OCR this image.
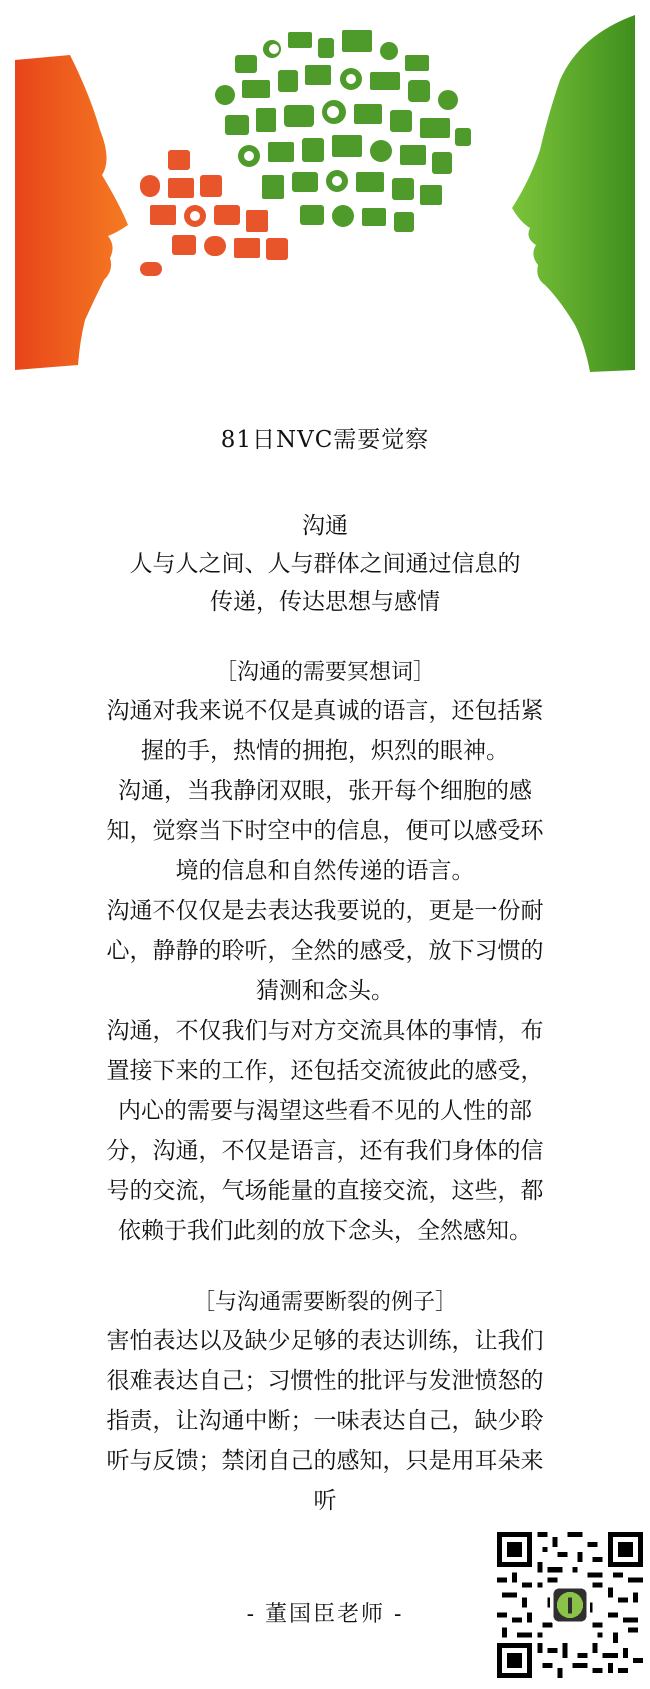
81日NVC需要觉察

沟通
人与人之间、人与群体之间通过信息的
传递，传达思想与感情
［沟通的需要冥想词］
沟通对我来说不仅是真诚的语言，还包括紧
握的手，热情的拥抱，炽烈的眼神。
沟通，当我静闭双眼，张开每个细胞的感
知，觉察当下时空中的信息，便可以感受环
境的信息和自然传递的语言。
沟通不仅仅是去表达我要说的，更是一份耐
心，静静的聆听，全然的感受，放下习惯的
猜测和念头。
沟通，不仅我们与对方交流具体的事情，布
置接下来的工作，还包括交流彼此的感受，
内心的需要与渴望这些看不见的人性的部
分，沟通，不仅是语言，还有我们身体的信
号的交流，气场能量的直接交流，这些，都
依赖于我们此刻的放下念头，全然感知。
［与沟通需要断裂的例子］
害怕表达以及缺少足够的表达训练，让我们
很难表达自己；习惯性的批评与发泄愤怒的
指责，让沟通中断；一味表达自己，缺少聆
听与反馈；禁闭自己的感知，只是用耳朵来
听
- 董国臣老师 -
